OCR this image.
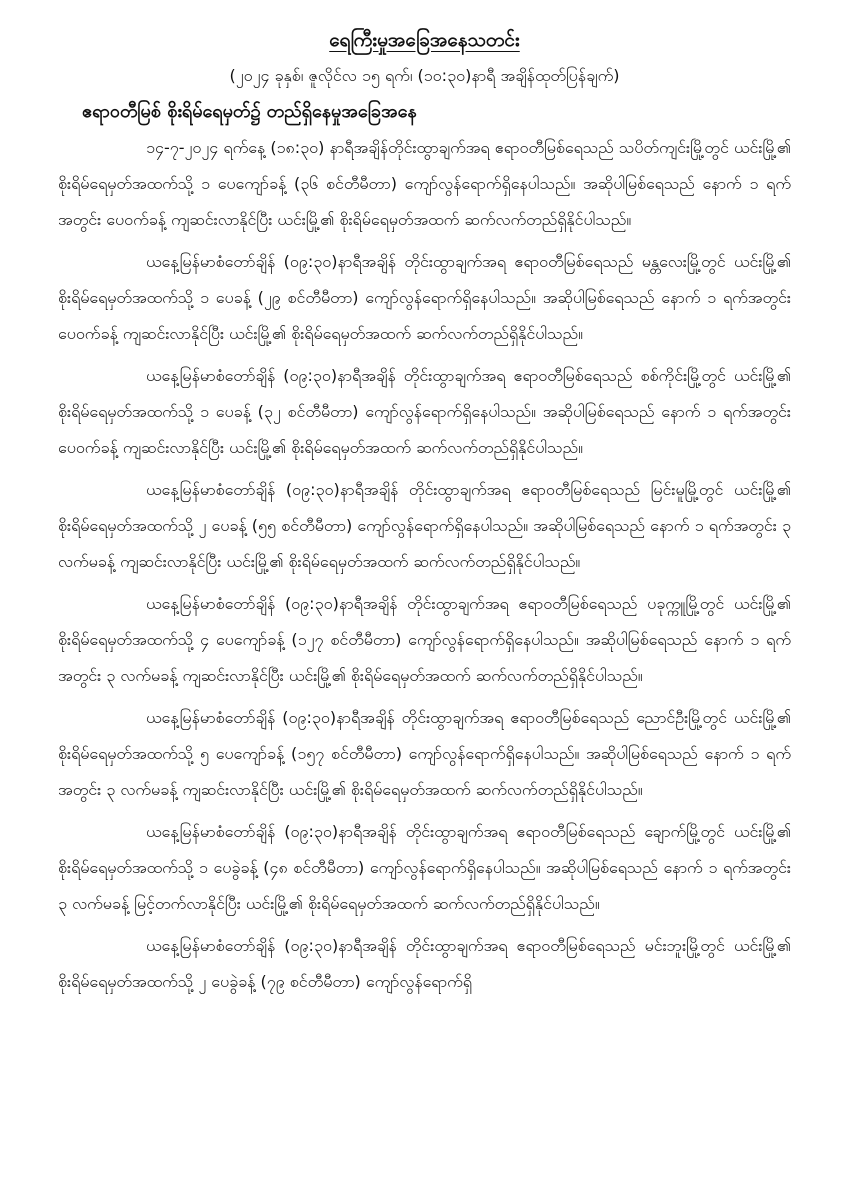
ရေကြီးမှုအခြေအနေသတင်း

(၂၀၂၄ ခုနှစ်၊ ဇူလိုင်လ ၁၅ ရက်၊ (၁၀:၃၀)နာရီ အချိန်ထုတ်ပြန်ချက်)

ဧရာဝတီမြစ် စိုးရိမ်ရေမှတ်၌ တည်ရှိနေမှုအခြေအနေ

၁၄-၇-၂၀၂၄ ရက်နေ့ (၁၈:၃၀) နာရီအချိန်တိုင်းထွာချက်အရ ဧရာဝတီမြစ်ရေသည် သပိတ်ကျင်းမြို့တွင် ယင်းမြို့၏ စိုးရိမ်ရေမှတ်အထက်သို့ ၁ ပေကျော်ခန့် (၃၆ စင်တီမီတာ) ကျော်လွန်ရောက်ရှိနေပါသည်။ အဆိုပါမြစ်ရေသည် နောက် ၁ ရက်အတွင်း ပေဝက်ခန့် ကျဆင်းလာနိုင်ပြီး ယင်းမြို့၏ စိုးရိမ်ရေမှတ်အထက် ဆက်လက်တည်ရှိနိုင်ပါသည်။

ယနေ့မြန်မာစံတော်ချိန် (၀၉:၃၀)နာရီအချိန် တိုင်းထွာချက်အရ ဧရာဝတီမြစ်ရေသည် မန္တလေးမြို့တွင် ယင်းမြို့၏ စိုးရိမ်ရေမှတ်အထက်သို့ ၁ ပေခန့် (၂၉ စင်တီမီတာ) ကျော်လွန်ရောက်ရှိနေပါသည်။ အဆိုပါမြစ်ရေသည် နောက် ၁ ရက်အတွင်း ပေဝက်ခန့် ကျဆင်းလာနိုင်ပြီး ယင်းမြို့၏ စိုးရိမ်ရေမှတ်အထက် ဆက်လက်တည်ရှိနိုင်ပါသည်။

ယနေ့မြန်မာစံတော်ချိန် (၀၉:၃၀)နာရီအချိန် တိုင်းထွာချက်အရ ဧရာဝတီမြစ်ရေသည် စစ်ကိုင်းမြို့တွင် ယင်းမြို့၏ စိုးရိမ်ရေမှတ်အထက်သို့ ၁ ပေခန့် (၃၂ စင်တီမီတာ) ကျော်လွန်ရောက်ရှိနေပါသည်။ အဆိုပါမြစ်ရေသည် နောက် ၁ ရက်အတွင်း ပေဝက်ခန့် ကျဆင်းလာနိုင်ပြီး ယင်းမြို့၏ စိုးရိမ်ရေမှတ်အထက် ဆက်လက်တည်ရှိနိုင်ပါသည်။

ယနေ့မြန်မာစံတော်ချိန် (၀၉:၃၀)နာရီအချိန် တိုင်းထွာချက်အရ ဧရာဝတီမြစ်ရေသည် မြင်းမူမြို့တွင် ယင်းမြို့၏ စိုးရိမ်ရေမှတ်အထက်သို့ ၂ ပေခန့် (၅၅ စင်တီမီတာ) ကျော်လွန်ရောက်ရှိနေပါသည်။ အဆိုပါမြစ်ရေသည် နောက် ၁ ရက်အတွင်း ၃ လက်မခန့် ကျဆင်းလာနိုင်ပြီး ယင်းမြို့၏ စိုးရိမ်ရေမှတ်အထက် ဆက်လက်တည်ရှိနိုင်ပါသည်။

ယနေ့မြန်မာစံတော်ချိန် (၀၉:၃၀)နာရီအချိန် တိုင်းထွာချက်အရ ဧရာဝတီမြစ်ရေသည် ပခုက္ကူမြို့တွင် ယင်းမြို့၏ စိုးရိမ်ရေမှတ်အထက်သို့ ၄ ပေကျော်ခန့် (၁၂၇ စင်တီမီတာ) ကျော်လွန်ရောက်ရှိနေပါသည်။ အဆိုပါမြစ်ရေသည် နောက် ၁ ရက်အတွင်း ၃ လက်မခန့် ကျဆင်းလာနိုင်ပြီး ယင်းမြို့၏ စိုးရိမ်ရေမှတ်အထက် ဆက်လက်တည်ရှိနိုင်ပါသည်။

ယနေ့မြန်မာစံတော်ချိန် (၀၉:၃၀)နာရီအချိန် တိုင်းထွာချက်အရ ဧရာဝတီမြစ်ရေသည် ညောင်ဦးမြို့တွင် ယင်းမြို့၏ စိုးရိမ်ရေမှတ်အထက်သို့ ၅ ပေကျော်ခန့် (၁၅၇ စင်တီမီတာ) ကျော်လွန်ရောက်ရှိနေပါသည်။ အဆိုပါမြစ်ရေသည် နောက် ၁ ရက်အတွင်း ၃ လက်မခန့် ကျဆင်းလာနိုင်ပြီး ယင်းမြို့၏ စိုးရိမ်ရေမှတ်အထက် ဆက်လက်တည်ရှိနိုင်ပါသည်။

ယနေ့မြန်မာစံတော်ချိန် (၀၉:၃၀)နာရီအချိန် တိုင်းထွာချက်အရ ဧရာဝတီမြစ်ရေသည် ချောက်မြို့တွင် ယင်းမြို့၏ စိုးရိမ်ရေမှတ်အထက်သို့ ၁ ပေခွဲခန့် (၄၈ စင်တီမီတာ) ကျော်လွန်ရောက်ရှိနေပါသည်။ အဆိုပါမြစ်ရေသည် နောက် ၁ ရက်အတွင်း ၃ လက်မခန့် မြင့်တက်လာနိုင်ပြီး ယင်းမြို့၏ စိုးရိမ်ရေမှတ်အထက် ဆက်လက်တည်ရှိနိုင်ပါသည်။

ယနေ့မြန်မာစံတော်ချိန် (၀၉:၃၀)နာရီအချိန် တိုင်းထွာချက်အရ ဧရာဝတီမြစ်ရေသည် မင်းဘူးမြို့တွင် ယင်းမြို့၏ စိုးရိမ်ရေမှတ်အထက်သို့ ၂ ပေခွဲခန့် (၇၉ စင်တီမီတာ) ကျော်လွန်ရောက်ရှိ
